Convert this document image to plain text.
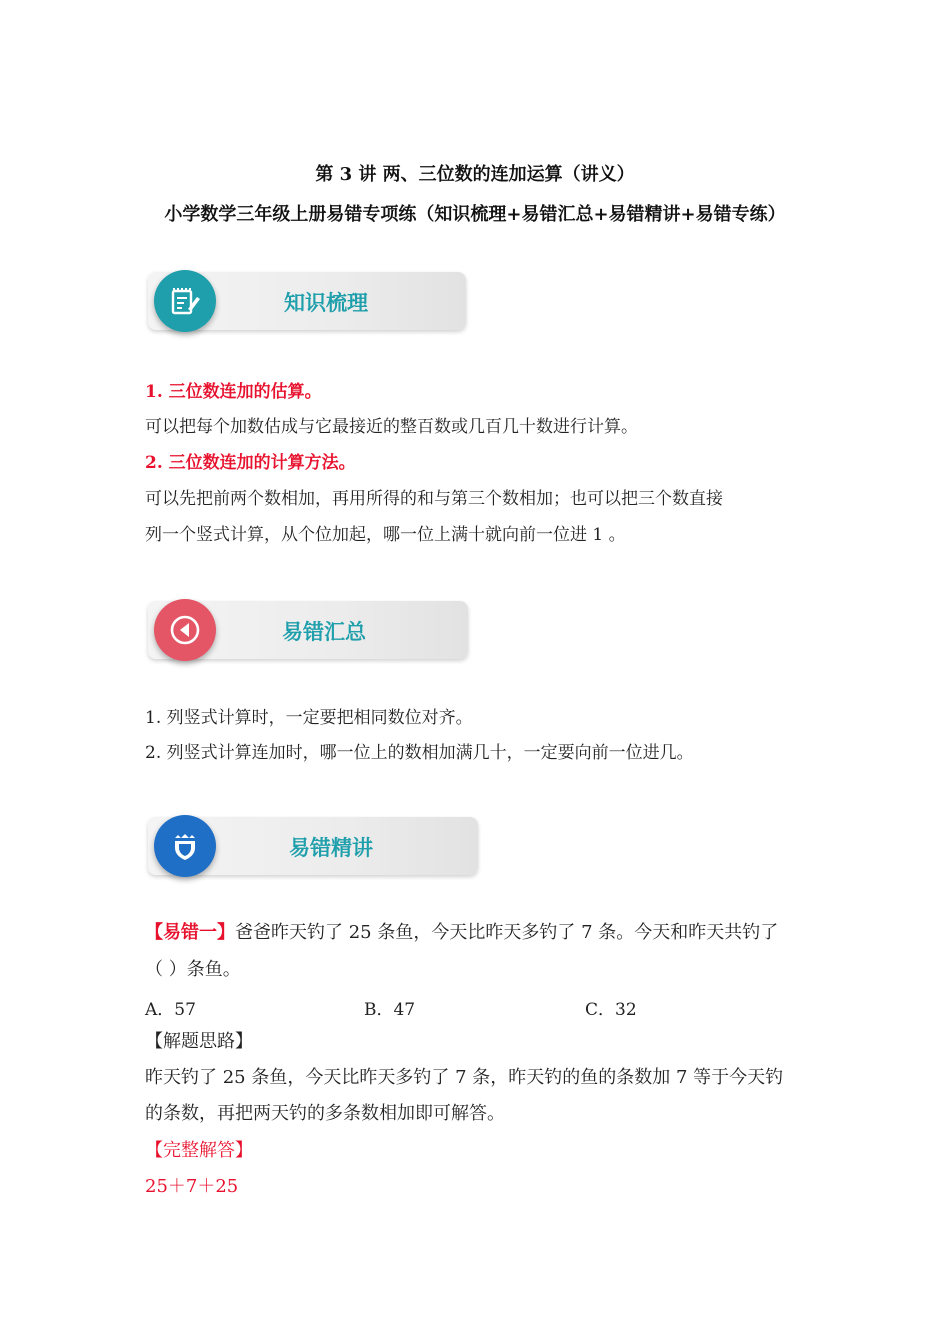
第 3 讲 两、三位数的连加运算（讲义）
小学数学三年级上册易错专项练（知识梳理+易错汇总+易错精讲+易错专练）
知识梳理
1. 三位数连加的估算。
可以把每个加数估成与它最接近的整百数或几百几十数进行计算。
2. 三位数连加的计算方法。
可以先把前两个数相加，再用所得的和与第三个数相加；也可以把三个数直接
列一个竖式计算，从个位加起，哪一位上满十就向前一位进 1 。
易错汇总
1. 列竖式计算时，一定要把相同数位对齐。
2. 列竖式计算连加时，哪一位上的数相加满几十，一定要向前一位进几。
易错精讲
【易错一】爸爸昨天钓了 25 条鱼，今天比昨天多钓了 7 条。今天和昨天共钓了
（ ）条鱼。
A．57	B．47	C．32
【解题思路】
昨天钓了 25 条鱼，今天比昨天多钓了 7 条，昨天钓的鱼的条数加 7 等于今天钓
的条数，再把两天钓的多条数相加即可解答。
【完整解答】
25＋7＋25
